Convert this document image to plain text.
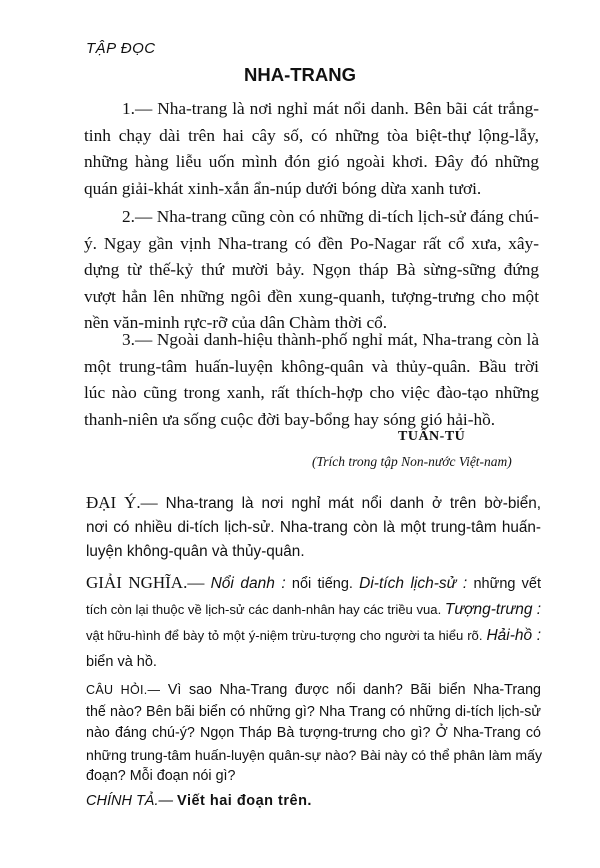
TẬP ĐỌC
NHA-TRANG
1.— Nha-trang là nơi nghỉ mát nổi danh. Bên bãi cát trắng-
tinh chạy dài trên hai cây số, có những tòa biệt-thự lộng-lẫy,
những hàng liễu uốn mình đón gió ngoài khơi. Đây đó những
quán giải-khát xinh-xắn ẩn-núp dưới bóng dừa xanh tươi.
2.— Nha-trang cũng còn có những di-tích lịch-sử đáng chú-
ý. Ngay gần vịnh Nha-trang có đền Po-Nagar rất cổ xưa, xây-
dựng từ thế-kỷ thứ mười bảy. Ngọn tháp Bà sừng-sững đứng
vượt hẳn lên những ngôi đền xung-quanh, tượng-trưng cho một
nền văn-minh rực-rỡ của dân Chàm thời cổ.
3.— Ngoài danh-hiệu thành-phố nghỉ mát, Nha-trang còn là
một trung-tâm huấn-luyện không-quân và thủy-quân. Bầu trời
lúc nào cũng trong xanh, rất thích-hợp cho việc đào-tạo những
thanh-niên ưa sống cuộc đời bay-bổng hay sóng gió hải-hồ.
TUẤN-TÚ
(Trích trong tập Non-nước Việt-nam)
ĐẠI Ý.— Nha-trang là nơi nghỉ mát nổi danh ở trên bờ-biển,
nơi có nhiều di-tích lịch-sử. Nha-trang còn là một trung-tâm huấn-
luyện không-quân và thủy-quân.
GIẢI NGHĨA.— Nổi danh : nổi tiếng. Di-tích lịch-sử : những vết
tích còn lại thuộc về lịch-sử các danh-nhân hay các triều vua. Tượng-trưng :
vật hữu-hình để bày tỏ một ý-niệm trừu-tượng cho người ta hiểu rõ. Hải-hồ :
biển và hồ.
CÂU HỎI.— Vì sao Nha-Trang được nổi danh? Bãi biển Nha-Trang
thế nào? Bên bãi biển có những gì? Nha Trang có những di-tích lịch-sử
nào đáng chú-ý? Ngọn Tháp Bà tượng-trưng cho gì? Ở Nha-Trang có
những trung-tâm huấn-luyện quân-sự nào? Bài này có thể phân làm mấy
đoạn? Mỗi đoạn nói gì?
CHÍNH TẢ.— Viết hai đoạn trên.
